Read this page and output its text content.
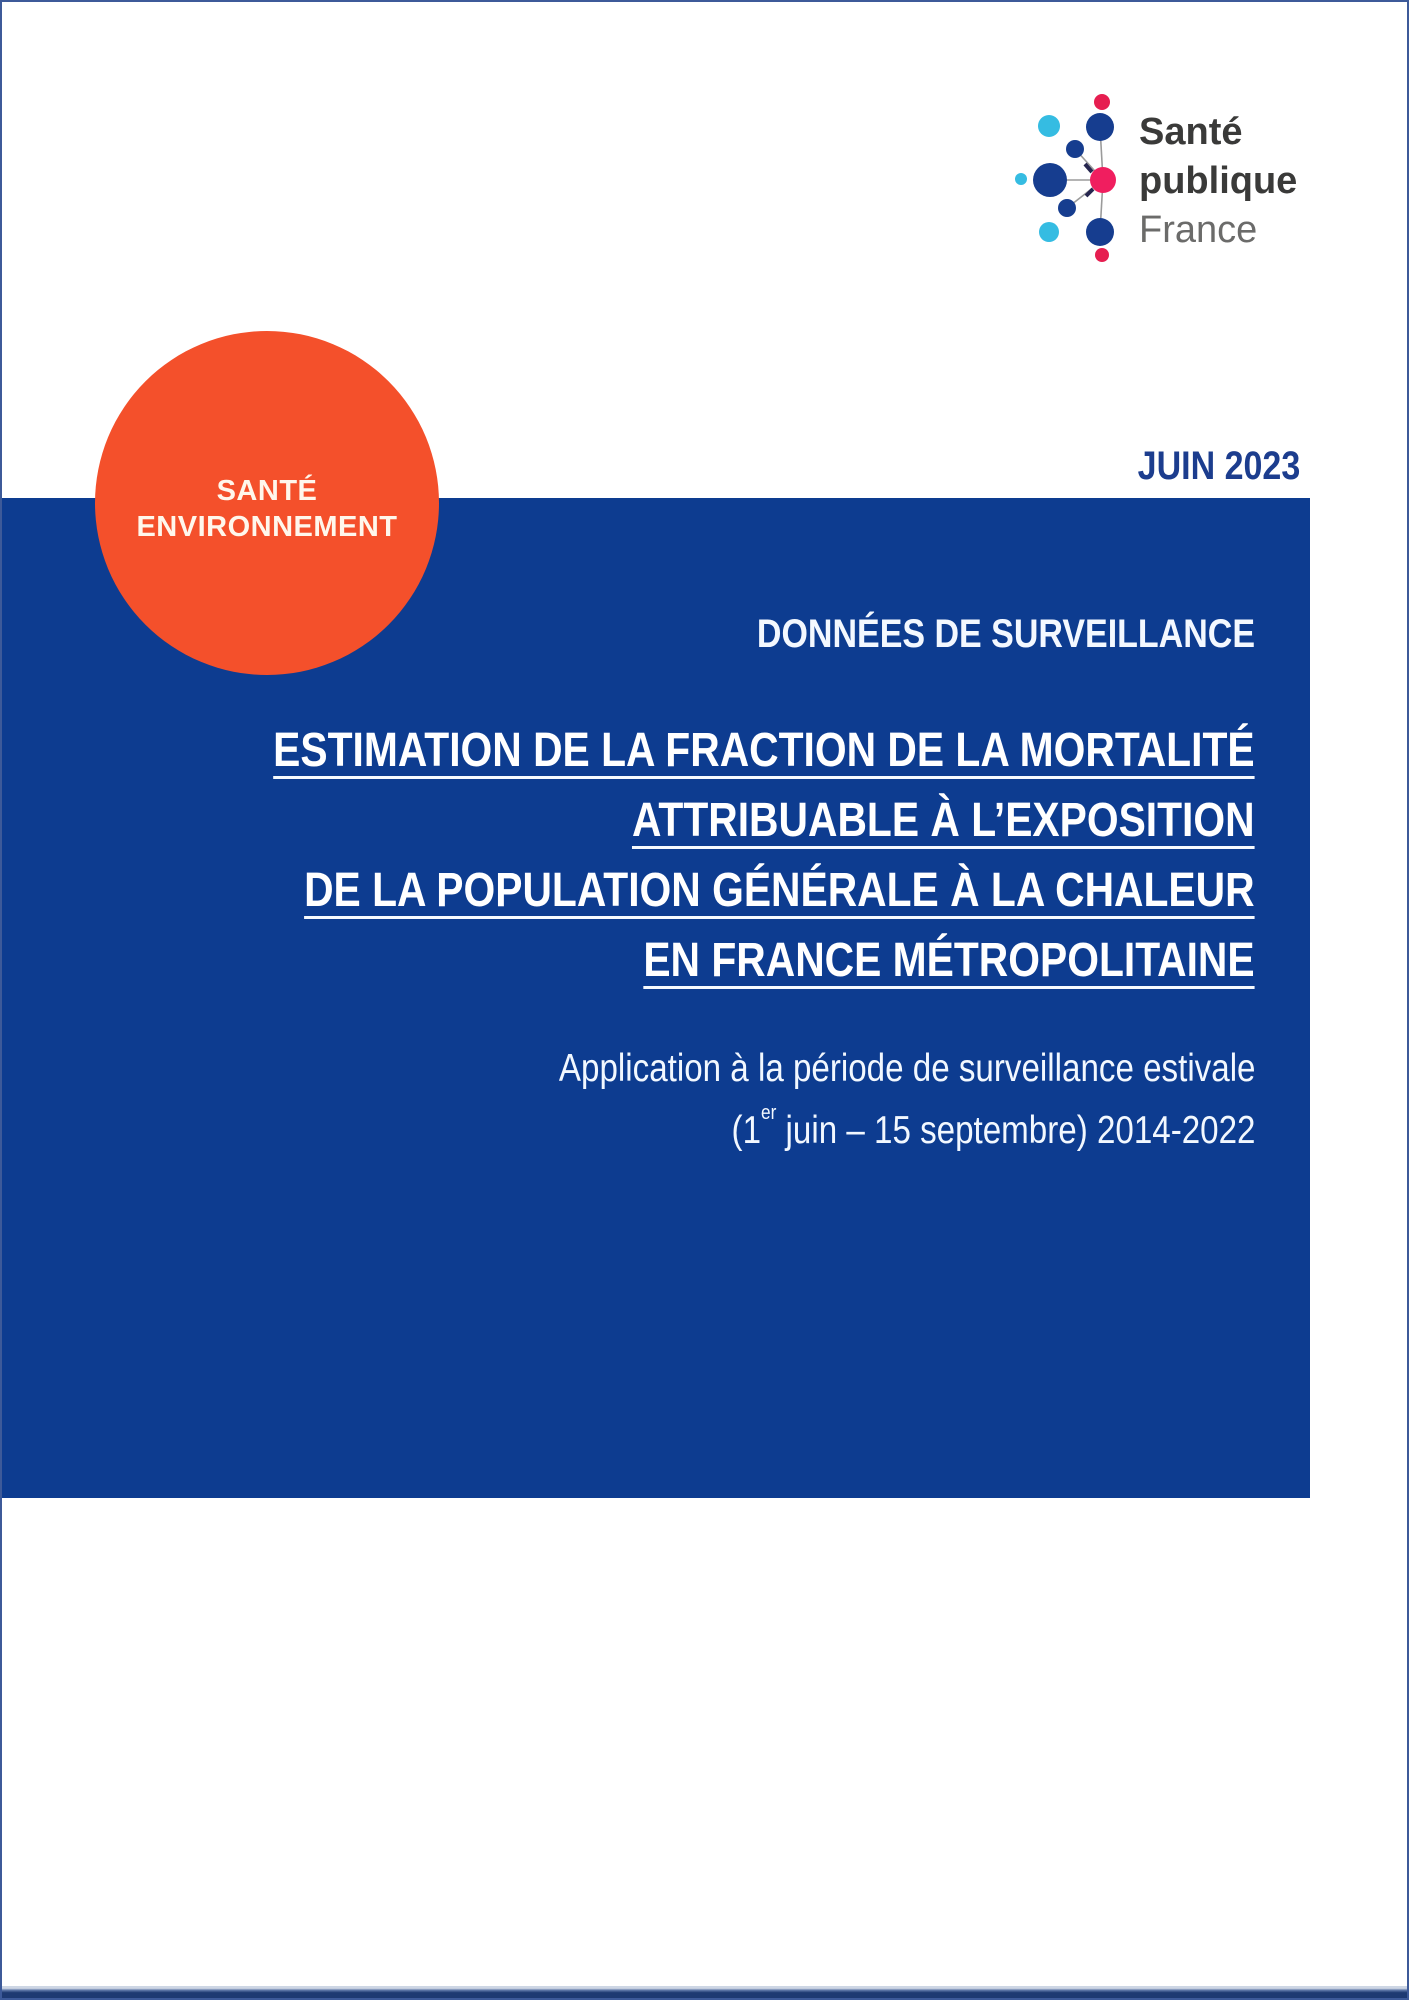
Santé
publique
France
JUIN 2023
SANTÉ
ENVIRONNEMENT
DONNÉES DE SURVEILLANCE
ESTIMATION DE LA FRACTION DE LA MORTALITÉ
ATTRIBUABLE À L’EXPOSITION
DE LA POPULATION GÉNÉRALE À LA CHALEUR
EN FRANCE MÉTROPOLITAINE
Application à la période de surveillance estivale
(1er juin – 15 septembre) 2014-2022
